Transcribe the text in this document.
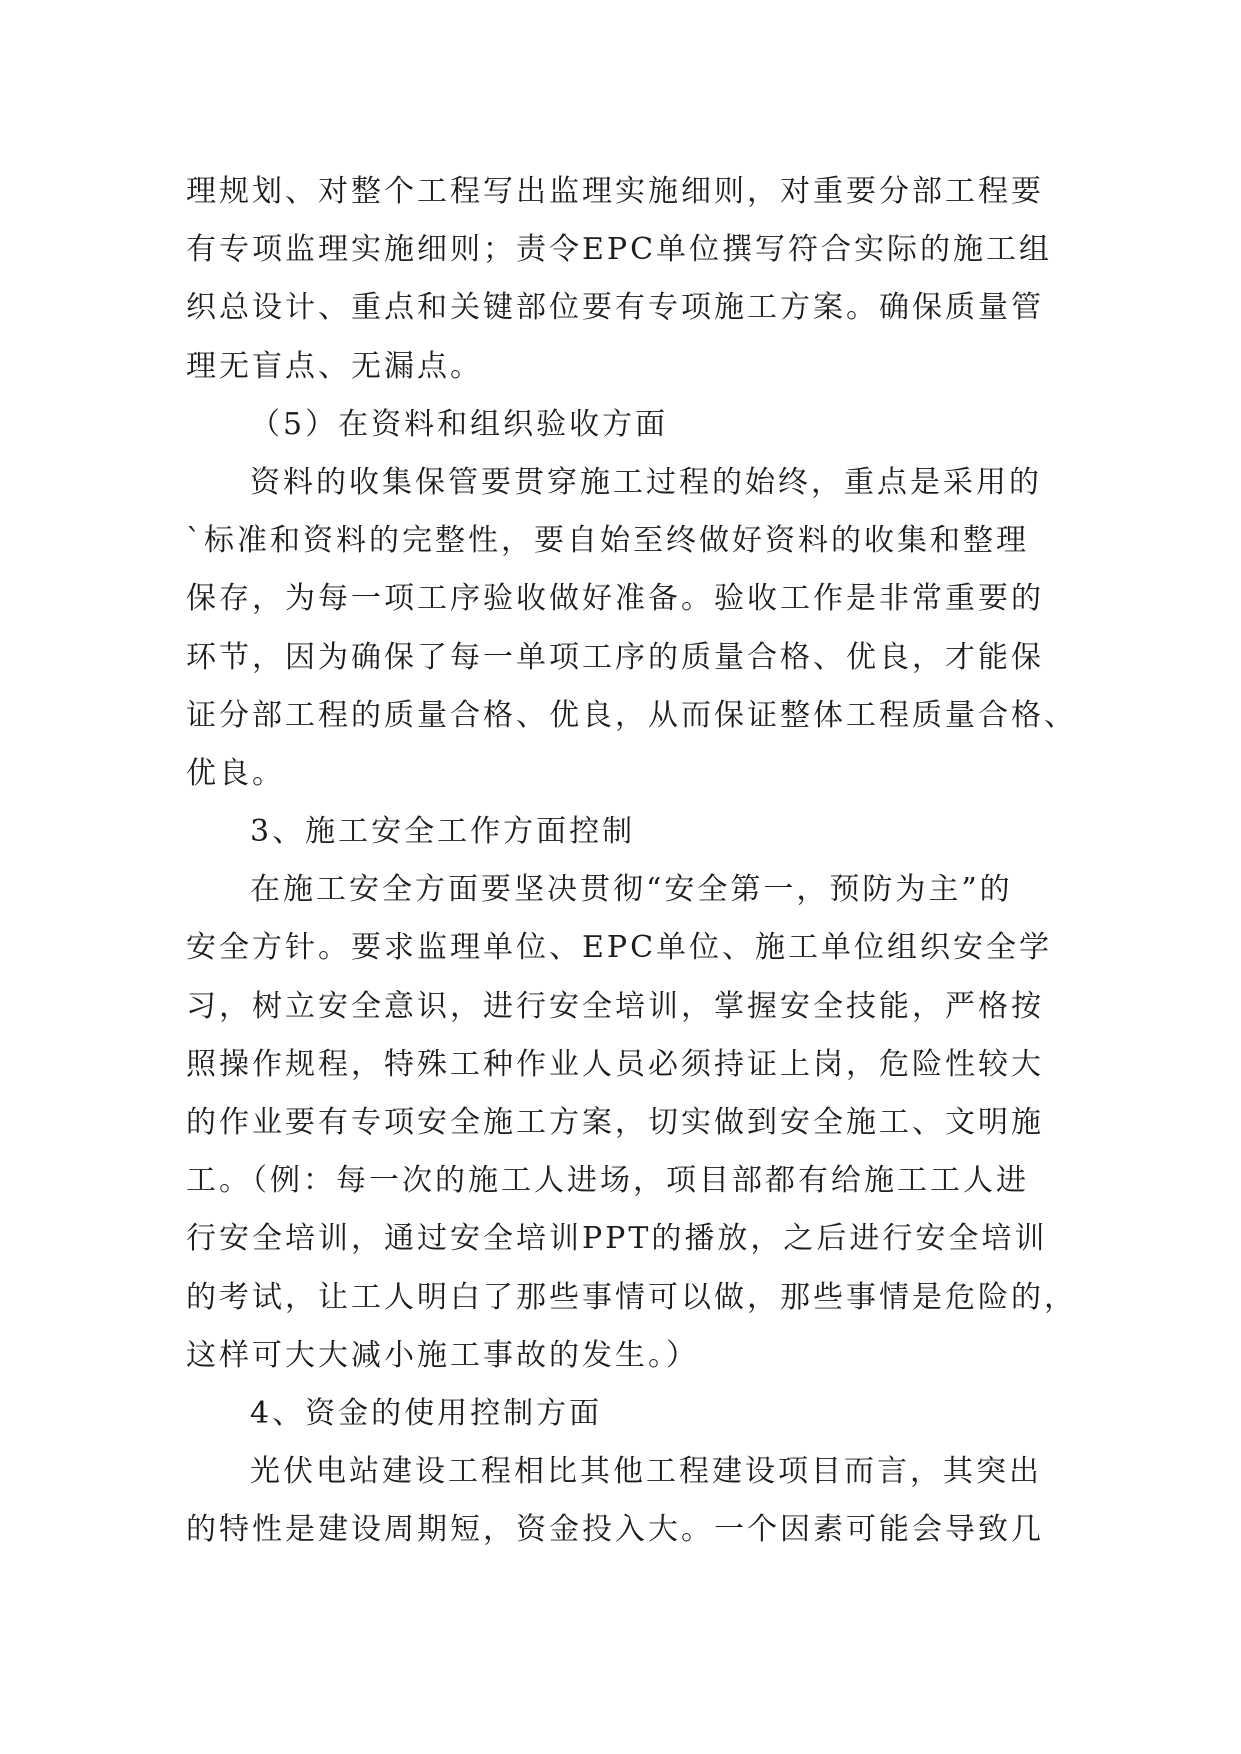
理规划、对整个工程写出监理实施细则，对重要分部工程要
有专项监理实施细则；责令EPC单位撰写符合实际的施工组
织总设计、重点和关键部位要有专项施工方案。确保质量管
理无盲点、无漏点。
（5）在资料和组织验收方面
资料的收集保管要贯穿施工过程的始终，重点是采用的
`标准和资料的完整性，要自始至终做好资料的收集和整理
保存，为每一项工序验收做好准备。验收工作是非常重要的
环节，因为确保了每一单项工序的质量合格、优良，才能保
证分部工程的质量合格、优良，从而保证整体工程质量合格、
优良。
3、施工安全工作方面控制
在施工安全方面要坚决贯彻“安全第一，预防为主”的
安全方针。要求监理单位、EPC单位、施工单位组织安全学
习，树立安全意识，进行安全培训，掌握安全技能，严格按
照操作规程，特殊工种作业人员必须持证上岗，危险性较大
的作业要有专项安全施工方案，切实做到安全施工、文明施
工。（例：每一次的施工人进场，项目部都有给施工工人进
行安全培训，通过安全培训PPT的播放，之后进行安全培训
的考试，让工人明白了那些事情可以做，那些事情是危险的，
这样可大大减小施工事故的发生。）
4、资金的使用控制方面
光伏电站建设工程相比其他工程建设项目而言，其突出
的特性是建设周期短，资金投入大。一个因素可能会导致几
